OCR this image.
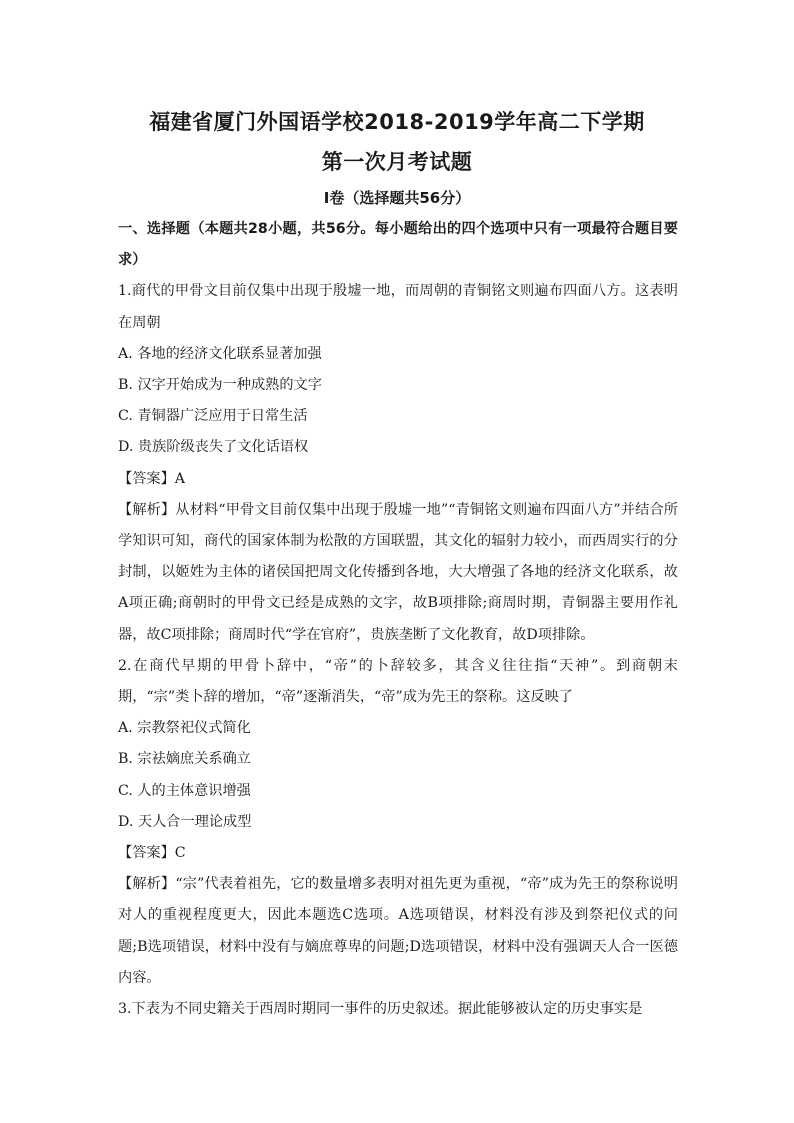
福建省厦门外国语学校2018-2019学年高二下学期
第一次月考试题
Ⅰ卷（选择题共56分）

一、选择题（本题共28小题，共56分。每小题给出的四个选项中只有一项最符合题目要求）

1.商代的甲骨文目前仅集中出现于殷墟一地，而周朝的青铜铭文则遍布四面八方。这表明在周朝

A. 各地的经济文化联系显著加强

B. 汉字开始成为一种成熟的文字

C. 青铜器广泛应用于日常生活

D. 贵族阶级丧失了文化话语权

【答案】A

【解析】从材料“甲骨文目前仅集中出现于殷墟一地”“青铜铭文则遍布四面八方”并结合所学知识可知，商代的国家体制为松散的方国联盟，其文化的辐射力较小，而西周实行的分封制，以姬姓为主体的诸侯国把周文化传播到各地，大大增强了各地的经济文化联系，故A项正确;商朝时的甲骨文已经是成熟的文字，故B项排除;商周时期，青铜器主要用作礼器，故C项排除；商周时代“学在官府”，贵族垄断了文化教育，故D项排除。

2.在商代早期的甲骨卜辞中，“帝”的卜辞较多，其含义往往指“天神”。到商朝末期，“宗”类卜辞的增加，“帝”逐渐消失，“帝”成为先王的祭称。这反映了

A. 宗教祭祀仪式简化

B. 宗祛嫡庶关系确立

C. 人的主体意识增强

D. 天人合一理论成型

【答案】C

【解析】“宗”代表着祖先，它的数量增多表明对祖先更为重视，“帝”成为先王的祭称说明对人的重视程度更大，因此本题选C选项。A选项错误，材料没有涉及到祭祀仪式的问题;B选项错误，材料中没有与嫡庶尊卑的问题;D选项错误，材料中没有强调天人合一医德内容。

3.下表为不同史籍关于西周时期同一事件的历史叙述。据此能够被认定的历史事实是
